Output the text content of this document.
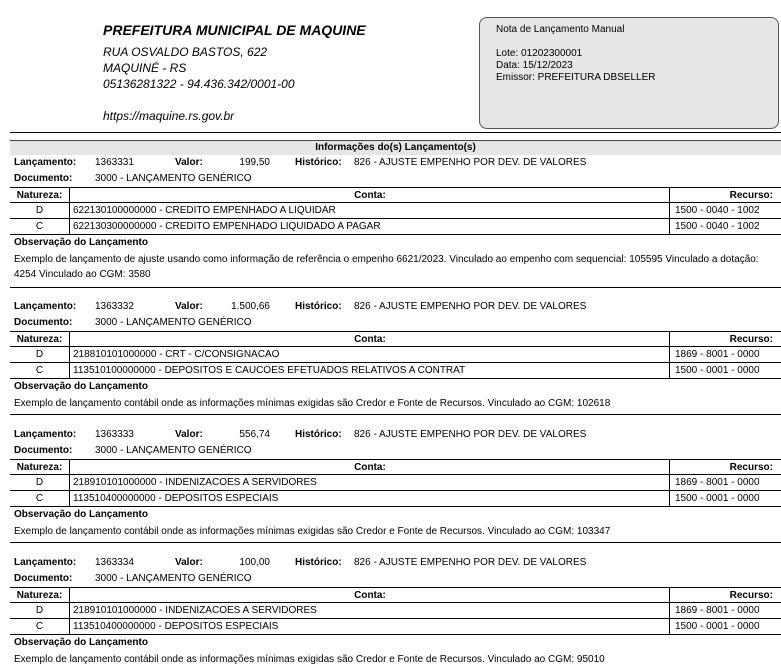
PREFEITURA MUNICIPAL DE MAQUINE
RUA OSVALDO BASTOS, 622
MAQUINÉ - RS
05136281322 - 94.436.342/0001-00
https://maquine.rs.gov.br
Nota de Lançamento Manual
Lote: 01202300001
Data: 15/12/2023
Emissor: PREFEITURA DBSELLER
Informações do(s) Lançamento(s)
Lançamento: 1363331	Valor:	199,50	Histórico: 826 - AJUSTE EMPENHO POR DEV. DE VALORES
Documento: 3000 - LANÇAMENTO GENÉRICO
Natureza:	Conta:	Recurso:
D	622130100000000 - CREDITO EMPENHADO A LIQUIDAR	1500 - 0040 - 1002
C	622130300000000 - CREDITO EMPENHADO LIQUIDADO A PAGAR	1500 - 0040 - 1002
Observação do Lançamento
Exemplo de lançamento de ajuste usando como informação de referência o empenho 6621/2023. Vinculado ao empenho com sequencial: 105595 Vinculado a dotação:
4254 Vinculado ao CGM: 3580
Lançamento: 1363332	Valor:	1.500,66	Histórico: 826 - AJUSTE EMPENHO POR DEV. DE VALORES
Documento: 3000 - LANÇAMENTO GENÉRICO
Natureza:	Conta:	Recurso:
D	218810101000000 - CRT - C/CONSIGNACAO	1869 - 8001 - 0000
C	113510100000000 - DEPOSITOS E CAUCOES EFETUADOS RELATIVOS A CONTRAT	1500 - 0001 - 0000
Observação do Lançamento
Exemplo de lançamento contábil onde as informações mínimas exigidas são Credor e Fonte de Recursos. Vinculado ao CGM: 102618
Lançamento: 1363333	Valor:	556,74	Histórico: 826 - AJUSTE EMPENHO POR DEV. DE VALORES
Documento: 3000 - LANÇAMENTO GENÉRICO
Natureza:	Conta:	Recurso:
D	218910101000000 - INDENIZACOES A SERVIDORES	1869 - 8001 - 0000
C	113510400000000 - DEPOSITOS ESPECIAIS	1500 - 0001 - 0000
Observação do Lançamento
Exemplo de lançamento contábil onde as informações mínimas exigidas são Credor e Fonte de Recursos. Vinculado ao CGM: 103347
Lançamento: 1363334	Valor:	100,00	Histórico: 826 - AJUSTE EMPENHO POR DEV. DE VALORES
Documento: 3000 - LANÇAMENTO GENÉRICO
Natureza:	Conta:	Recurso:
D	218910101000000 - INDENIZACOES A SERVIDORES	1869 - 8001 - 0000
C	113510400000000 - DEPOSITOS ESPECIAIS	1500 - 0001 - 0000
Observação do Lançamento
Exemplo de lançamento contábil onde as informações mínimas exigidas são Credor e Fonte de Recursos. Vinculado ao CGM: 95010
